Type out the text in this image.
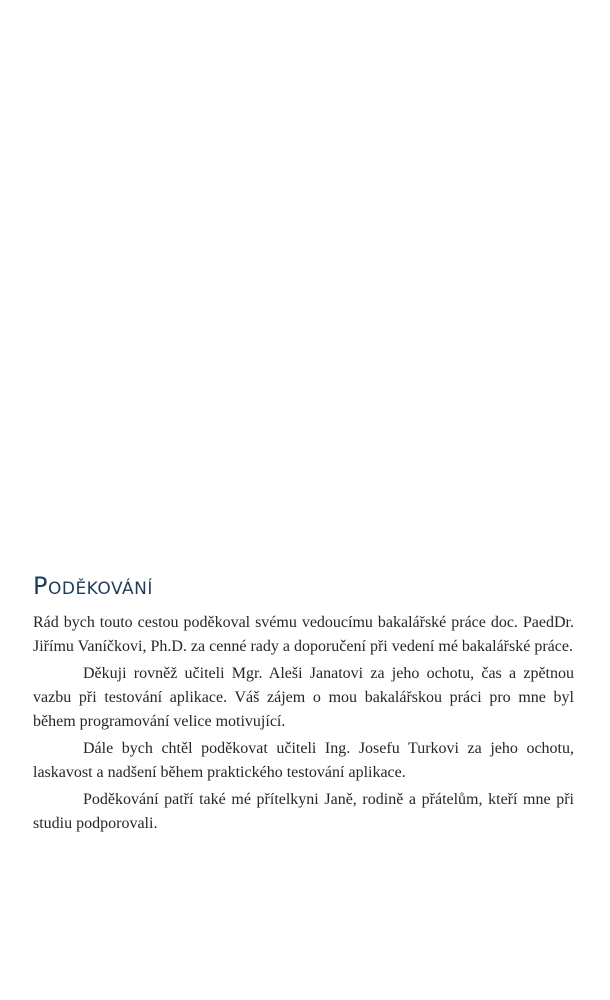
Poděkování

Rád bych touto cestou poděkoval svému vedoucímu bakalářské práce doc. PaedDr. Jiřímu Vaníčkovi, Ph.D. za cenné rady a doporučení při vedení mé bakalářské práce.

Děkuji rovněž učiteli Mgr. Aleši Janatovi za jeho ochotu, čas a zpětnou vazbu při testování aplikace. Váš zájem o mou bakalářskou práci pro mne byl během programování velice motivující.

Dále bych chtěl poděkovat učiteli Ing. Josefu Turkovi za jeho ochotu, laskavost a nadšení během praktického testování aplikace.

Poděkování patří také mé přítelkyni Janě, rodině a přátelům, kteří mne při studiu podporovali.
